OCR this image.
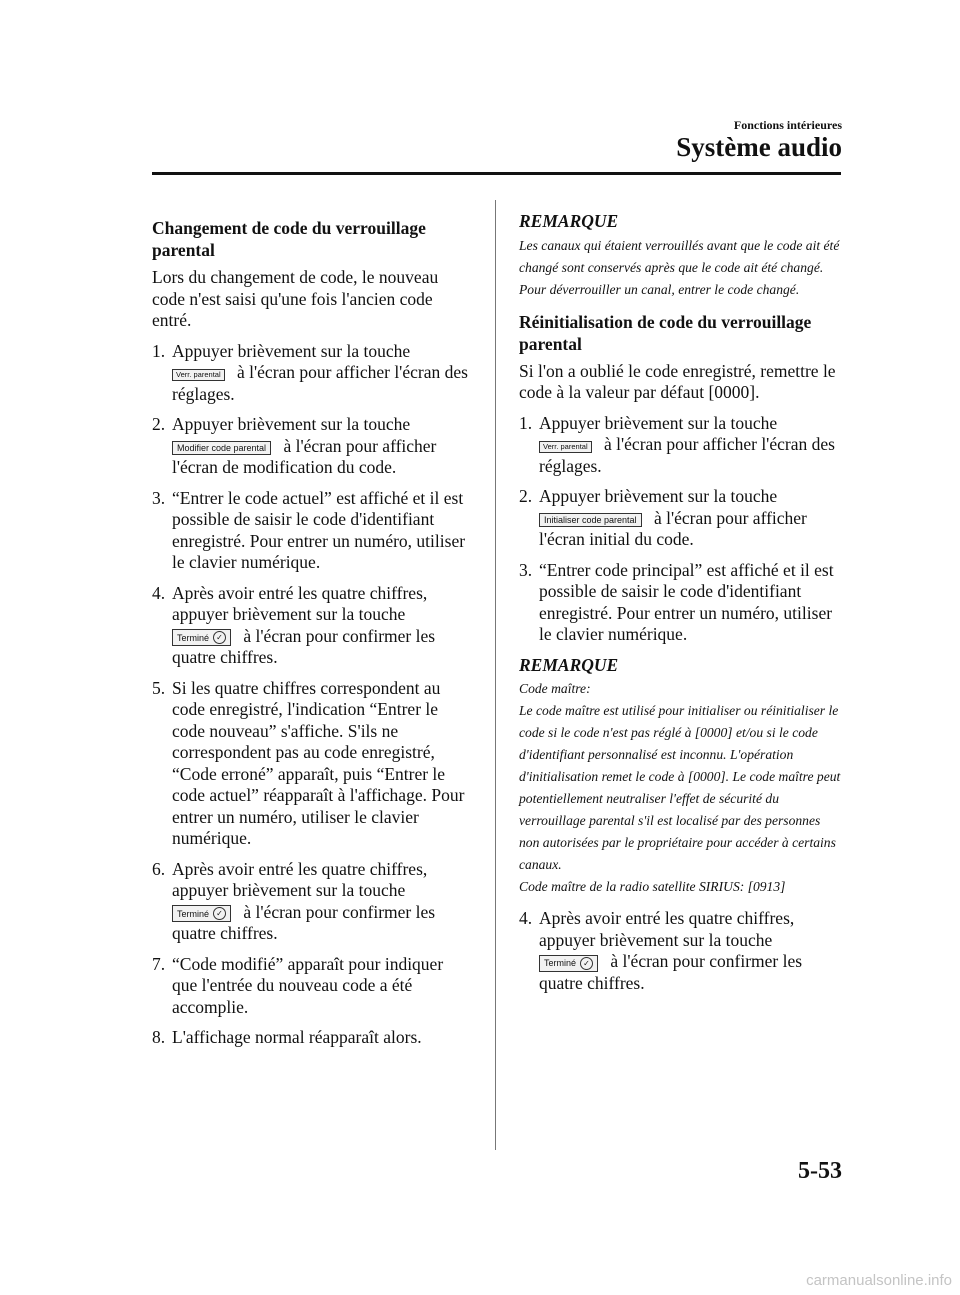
Fonctions intérieures
Système audio
Changement de code du verrouillage parental

Lors du changement de code, le nouveau code n'est saisi qu'une fois l'ancien code entré.

1. Appuyer brièvement sur la touche

Verr. parental à l'écran pour afficher l'écran des réglages.
2. Appuyer brièvement sur la touche
Modifier code parental à l'écran pour afficher l'écran de modification du code.
3. “Entrer le code actuel” est affiché et il est possible de saisir le code d'identifiant enregistré. Pour entrer un numéro, utiliser le clavier numérique.
4. Après avoir entré les quatre chiffres, appuyer brièvement sur la touche

Terminé ✓ à l'écran pour confirmer les quatre chiffres.
5. Si les quatre chiffres correspondent au code enregistré, l'indication “Entrer le code nouveau” s'affiche. S'ils ne correspondent pas au code enregistré, “Code erroné” apparaît, puis “Entrer le code actuel” réapparaît à l'affichage. Pour entrer un numéro, utiliser le clavier numérique.
6. Après avoir entré les quatre chiffres, appuyer brièvement sur la touche

Terminé ✓ à l'écran pour confirmer les quatre chiffres.
7. “Code modifié” apparaît pour indiquer que l'entrée du nouveau code a été accomplie.
8. L'affichage normal réapparaît alors.
REMARQUE
Les canaux qui étaient verrouillés avant que le code ait été changé sont conservés après que le code ait été changé. Pour déverrouiller un canal, entrer le code changé.
Réinitialisation de code du verrouillage parental

Si l'on a oublié le code enregistré, remettre le code à la valeur par défaut [0000].

1. Appuyer brièvement sur la touche

Verr. parental à l'écran pour afficher l'écran des réglages.
2. Appuyer brièvement sur la touche
Initialiser code parental à l'écran pour afficher l'écran initial du code.
3. “Entrer code principal” est affiché et il est possible de saisir le code d'identifiant enregistré. Pour entrer un numéro, utiliser le clavier numérique.
REMARQUE
Code maître:
Le code maître est utilisé pour initialiser ou réinitialiser le code si le code n'est pas réglé à [0000] et/ou si le code d'identifiant personnalisé est inconnu. L'opération d'initialisation remet le code à [0000]. Le code maître peut potentiellement neutraliser l'effet de sécurité du verrouillage parental s'il est localisé par des personnes non autorisées par le propriétaire pour accéder à certains canaux.
Code maître de la radio satellite SIRIUS: [0913]
4. Après avoir entré les quatre chiffres, appuyer brièvement sur la touche

Terminé ✓ à l'écran pour confirmer les quatre chiffres.
5-53
carmanualsonline.info
